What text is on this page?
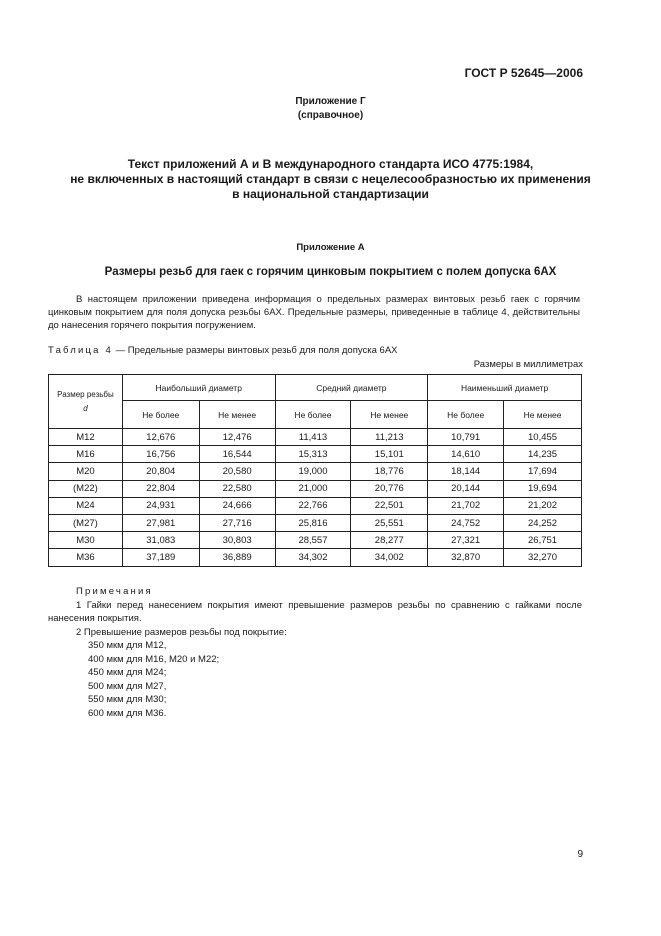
ГОСТ Р 52645—2006
Приложение Г
(справочное)
Текст приложений А и В международного стандарта ИСО 4775:1984,
не включенных в настоящий стандарт в связи с нецелесообразностью их применения
в национальной стандартизации
Приложение А
Размеры резьб для гаек с горячим цинковым покрытием с полем допуска 6АХ
В настоящем приложении приведена информация о предельных размерах винтовых резьб гаек с горячим цинковым покрытием для поля допуска резьбы 6АХ. Предельные размеры, приведенные в таблице 4, действительны до нанесения горячего покрытия погружением.
Таблица 4 — Предельные размеры винтовых резьб для поля допуска 6АХ
Размеры в миллиметрах
Размер резьбы
d	Наибольший диаметр		Средний диаметр		Наименьший диаметр	
	Не более	Не менее	Не более	Не менее	Не более	Не менее
M12	12,676	12,476	11,413	11,213	10,791	10,455
M16	16,756	16,544	15,313	15,101	14,610	14,235
M20	20,804	20,580	19,000	18,776	18,144	17,694
(M22)	22,804	22,580	21,000	20,776	20,144	19,694
M24	24,931	24,666	22,766	22,501	21,702	21,202
(M27)	27,981	27,716	25,816	25,551	24,752	24,252
M30	31,083	30,803	28,557	28,277	27,321	26,751
M36	37,189	36,889	34,302	34,002	32,870	32,270
Примечания
1 Гайки перед нанесением покрытия имеют превышение размеров резьбы по сравнению с гайками после нанесения покрытия.
2 Превышение размеров резьбы под покрытие:
350 мкм для М12,
400 мкм для М16, М20 и М22;
450 мкм для М24;
500 мкм для М27,
550 мкм для М30;
600 мкм для М36.
9
